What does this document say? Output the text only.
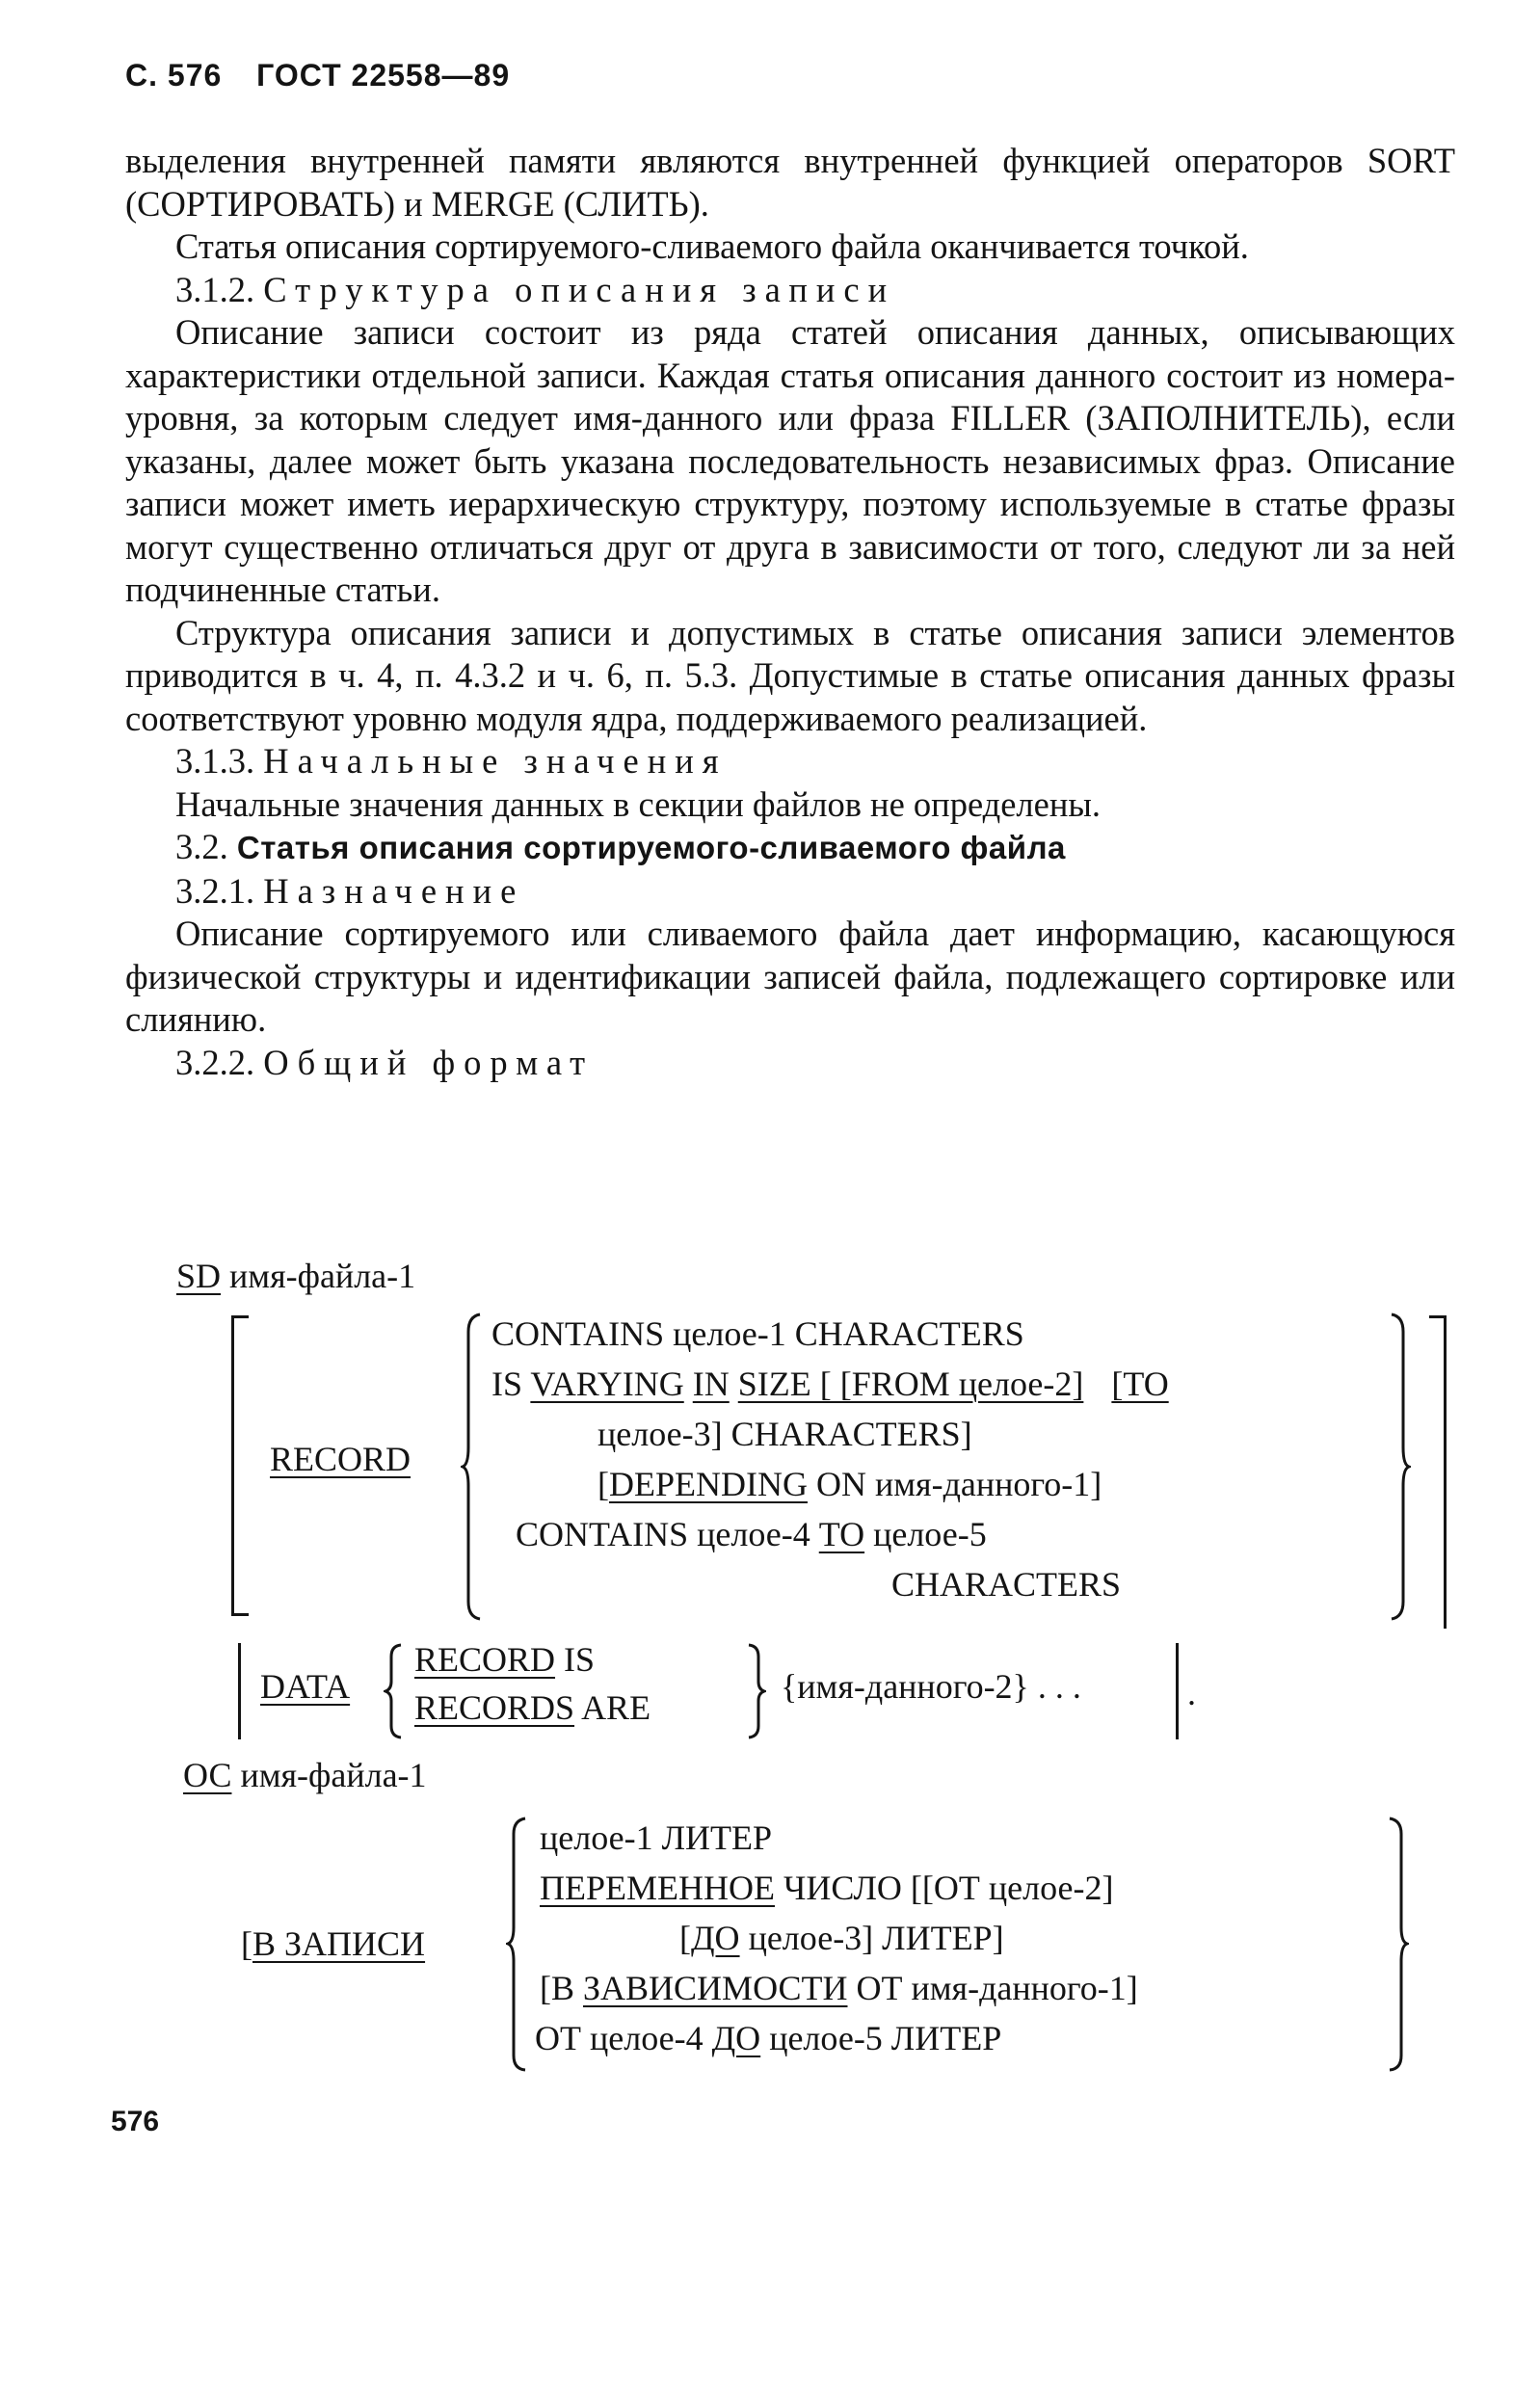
С. 576 ГОСТ 22558—89

выделения внутренней памяти являются внутренней функцией операторов SORT (СОРТИРОВАТЬ) и MERGE (СЛИТЬ).

Статья описания сортируемого-сливаемого файла оканчивается точкой.

3.1.2. Структура описания записи

Описание записи состоит из ряда статей описания данных, описывающих характеристики отдельной записи. Каждая статья описания данного состоит из номера-уровня, за которым следует имя-данного или фраза FILLER (ЗАПОЛНИТЕЛЬ), если указаны, далее может быть указана последовательность независимых фраз. Описание записи может иметь иерархическую структуру, поэтому используемые в статье фразы могут существенно отличаться друг от друга в зависимости от того, следуют ли за ней подчиненные статьи.

Структура описания записи и допустимых в статье описания записи элементов приводится в ч. 4, п. 4.3.2 и ч. 6, п. 5.3. Допустимые в статье описания данных фразы соответствуют уровню модуля ядра, поддерживаемого реализацией.

3.1.3. Начальные значения

Начальные значения данных в секции файлов не определены.

3.2. Статья описания сортируемого-сливаемого файла

3.2.1. Назначение

Описание сортируемого или сливаемого файла дает информацию, касающуюся физической структуры и идентификации записей файла, подлежащего сортировке или слиянию.

3.2.2. Общий формат

SD имя-файла-1
RECORD
CONTAINS целое-1 CHARACTERS
IS VARYING IN SIZE [ [FROM целое-2] [TO
целое-3] CHARACTERS]
[DEPENDING ON имя-данного-1]
CONTAINS целое-4 TO целое-5
CHARACTERS
DATA
RECORD IS
RECORDS ARE
{имя-данного-2} . . .	.
ОС имя-файла-1
[В ЗАПИСИ
целое-1 ЛИТЕР
ПЕРЕМЕННОЕ ЧИСЛО [[ОТ целое-2]
[ДО целое-3] ЛИТЕР]
[В ЗАВИСИМОСТИ ОТ имя-данного-1]
ОТ целое-4 ДО целое-5 ЛИТЕР
576
